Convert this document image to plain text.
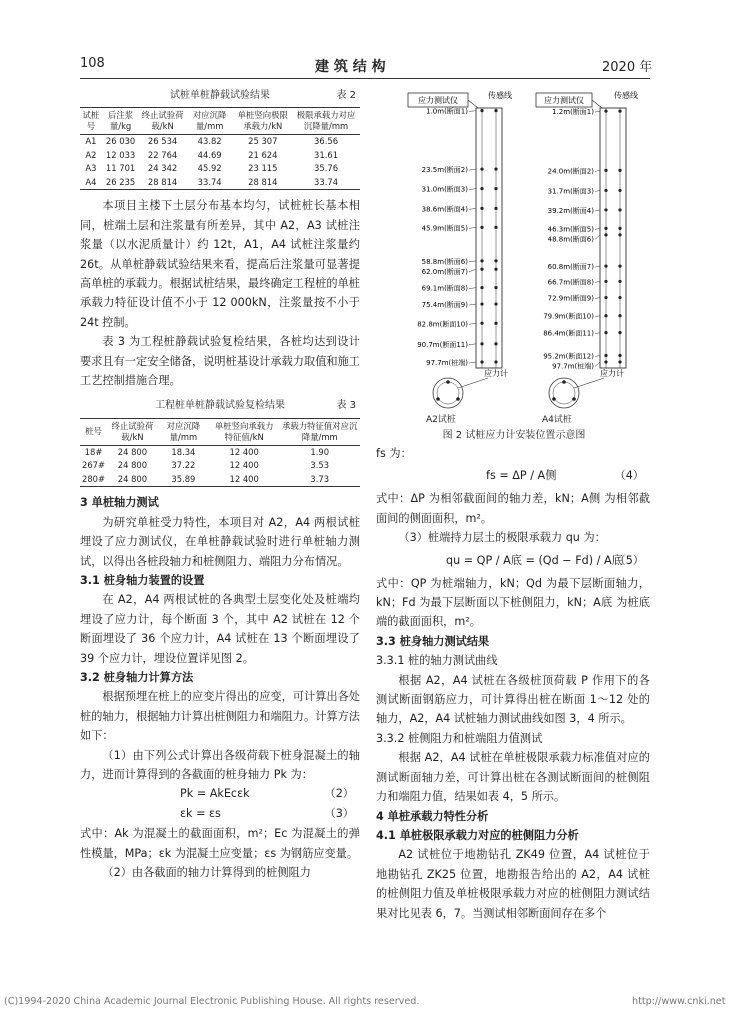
108	建 筑 结 构	2020 年
试桩单桩静载试验结果	表 2
试桩号	后注浆量/kg	终止试验荷载/kN	对应沉降量/mm	单桩竖向极限承载力/kN	极限承载力对应沉降量/mm
A1	26 030	26 534	43.82	25 307	36.56
A2	12 033	22 764	44.69	21 624	31.61
A3	11 701	24 342	45.92	23 115	35.76
A4	26 235	28 814	33.74	28 814	33.74

本项目主楼下土层分布基本均匀，试桩桩长基本相同，桩端土层和注浆量有所差异，其中 A2，A3 试桩注浆量（以水泥质量计）约 12t，A1，A4 试桩注浆量约 26t。从单桩静载试验结果来看，提高后注浆量可显著提高单桩的承载力。根据试桩结果，最终确定工程桩的单桩承载力特征设计值不小于 12 000kN，注浆量按不小于 24t 控制。

表 3 为工程桩静载试验复检结果，各桩均达到设计要求且有一定安全储备，说明桩基设计承载力取值和施工工艺控制措施合理。

工程桩单桩静载试验复检结果	表 3
桩号	终止试验荷载/kN	对应沉降量/mm	单桩竖向承载力特征值/kN	承载力特征值对应沉降量/mm
18#	24 800	18.34	12 400	1.90
267#	24 800	37.22	12 400	3.53
280#	24 800	35.89	12 400	3.73

3 单桩轴力测试

为研究单桩受力特性，本项目对 A2，A4 两根试桩埋设了应力测试仪，在单桩静载试验时进行单桩轴力测试，以得出各桩段轴力和桩侧阻力、端阻力分布情况。

3.1 桩身轴力装置的设置

在 A2，A4 两根试桩的各典型土层变化处及桩端均埋设了应力计，每个断面 3 个，其中 A2 试桩在 12 个断面埋设了 36 个应力计，A4 试桩在 13 个断面埋设了 39 个应力计，埋设位置详见图 2。

3.2 桩身轴力计算方法

根据预埋在桩上的应变片得出的应变，可计算出各处桩的轴力，根据轴力计算出桩侧阻力和端阻力。计算方法如下：

（1）由下列公式计算出各级荷载下桩身混凝土的轴力，进而计算得到的各截面的桩身轴力 Pk 为：

Pk = AkEcεk	（2）
εk = εs	（3）

式中：Ak 为混凝土的截面面积，m²；Ec 为混凝土的弹性模量，MPa；εk 为混凝土应变量；εs 为钢筋应变量。

（2）由各截面的轴力计算得到的桩侧阻力

应力测试仪
传感线
1.0m(断面1)
23.5m(断面2)
31.0m(断面3)
38.6m(断面4)
45.9m(断面5)
58.8m(断面6)
62.0m(断面7)
69.1m(断面8)
75.4m(断面9)
82.8m(断面10)
90.7m(断面11)
97.7m(桩端)
应力计
应力测试仪
传感线
1.2m(断面1)
24.0m(断面2)
31.7m(断面3)
39.2m(断面4)
46.3m(断面5)
48.8m(断面6)
60.8m(断面7)
66.7m(断面8)
72.9m(断面9)
79.9m(断面10)
86.4m(断面11)
95.2m(断面12)
97.7m(桩端)
应力计
A2试桩	A4试桩
图 2 试桩应力计安装位置示意图

fs 为：

fs = ΔP / A侧	（4）

式中：ΔP 为相邻截面间的轴力差，kN；A侧 为相邻截面间的侧面面积，m²。

（3）桩端持力层土的极限承载力 qu 为：

qu = QP / A底 = (Qd − Fd) / A底
（5）

式中：QP 为桩端轴力，kN；Qd 为最下层断面轴力，kN；Fd 为最下层断面以下桩侧阻力，kN；A底 为桩底端的截面面积，m²。

3.3 桩身轴力测试结果

3.3.1 桩的轴力测试曲线

根据 A2，A4 试桩在各级桩顶荷载 P 作用下的各测试断面钢筋应力，可计算得出桩在断面 1～12 处的轴力，A2，A4 试桩轴力测试曲线如图 3，4 所示。

3.3.2 桩侧阻力和桩端阻力值测试

根据 A2，A4 试桩在单桩极限承载力标准值对应的测试断面轴力差，可计算出桩在各测试断面间的桩侧阻力和端阻力值，结果如表 4，5 所示。

4 单桩承载力特性分析

4.1 单桩极限承载力对应的桩侧阻力分析

A2 试桩位于地勘钻孔 ZK49 位置，A4 试桩位于地勘钻孔 ZK25 位置，地勘报告给出的 A2，A4 试桩的桩侧阻力值及单桩极限承载力对应的桩侧阻力测试结果对比见表 6，7。当测试相邻断面间存在多个

(C)1994-2020 China Academic Journal Electronic Publishing House. All rights reserved.	http://www.cnki.net
